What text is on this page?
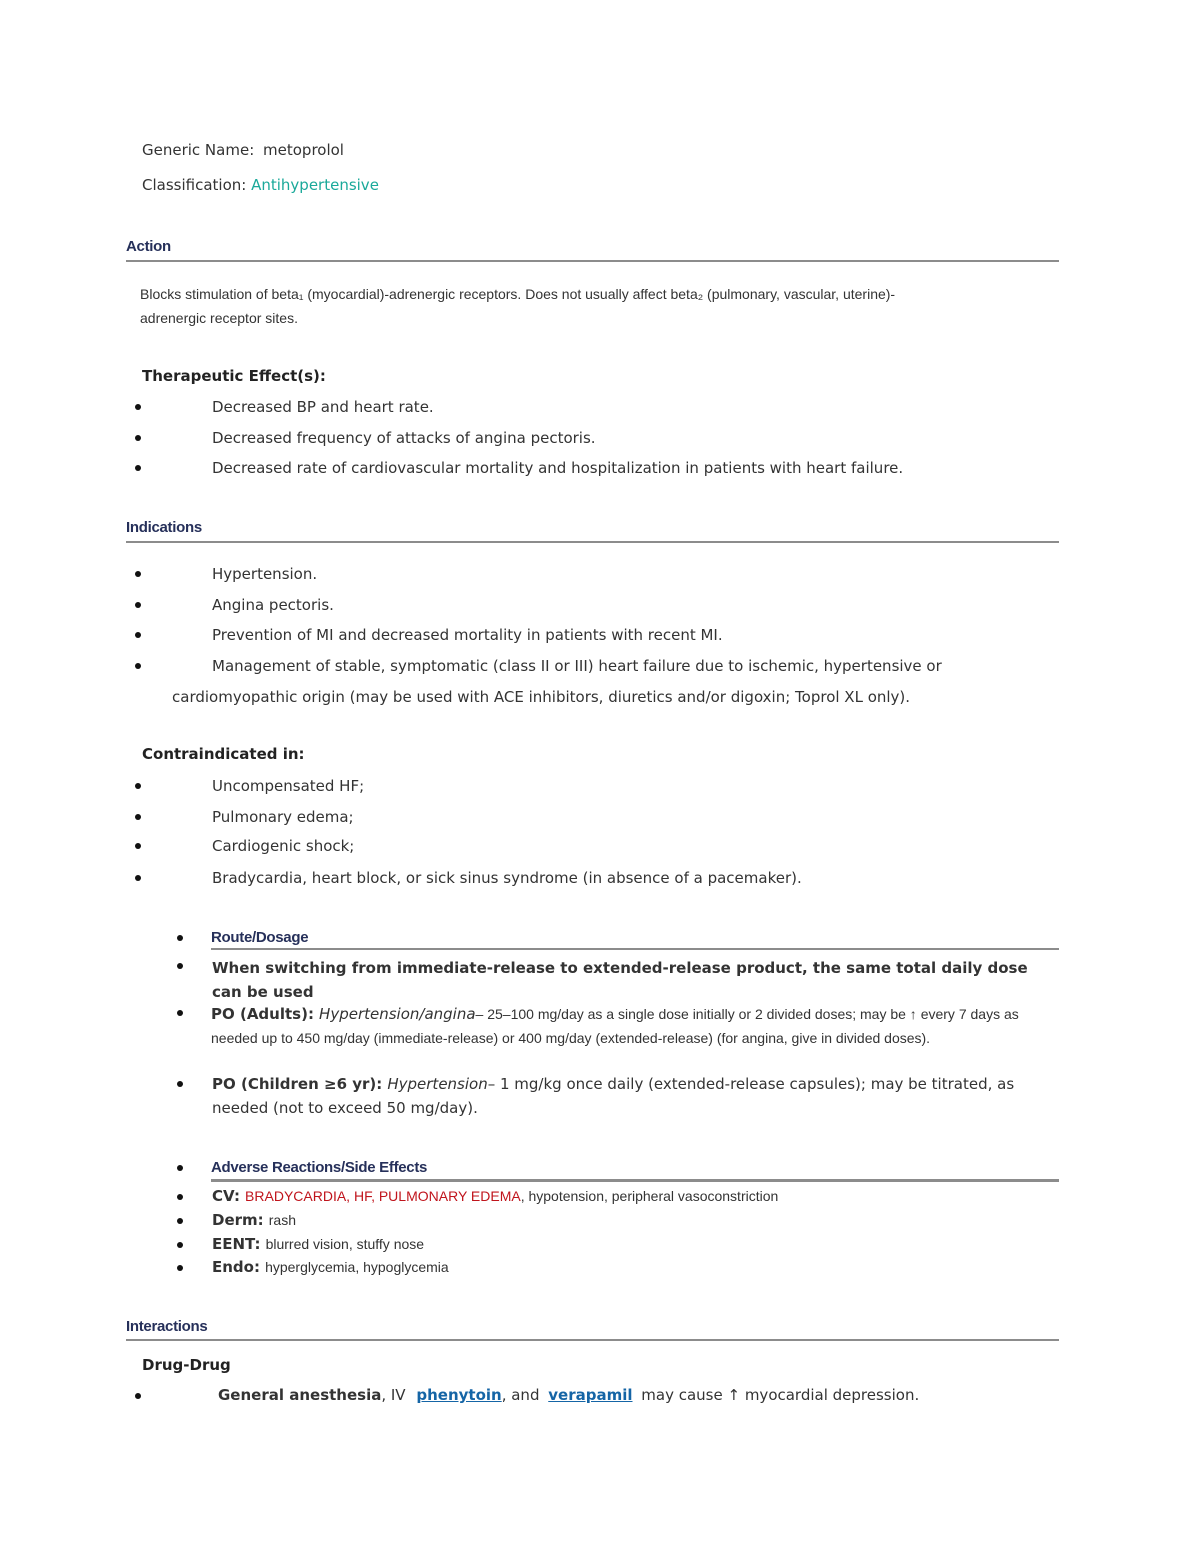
Generic Name: metoprolol
Classification: Antihypertensive
Action
Blocks stimulation of beta₁ (myocardial)-adrenergic receptors. Does not usually affect beta₂ (pulmonary, vascular, uterine)-
adrenergic receptor sites.
Therapeutic Effect(s):
Decreased BP and heart rate.
Decreased frequency of attacks of angina pectoris.
Decreased rate of cardiovascular mortality and hospitalization in patients with heart failure.
Indications
Hypertension.
Angina pectoris.
Prevention of MI and decreased mortality in patients with recent MI.
Management of stable, symptomatic (class II or III) heart failure due to ischemic, hypertensive or
cardiomyopathic origin (may be used with ACE inhibitors, diuretics and/or digoxin; Toprol XL only).
Contraindicated in:
Uncompensated HF;
Pulmonary edema;
Cardiogenic shock;
Bradycardia, heart block, or sick sinus syndrome (in absence of a pacemaker).
Route/Dosage
When switching from immediate-release to extended-release product, the same total daily dose can be used
PO (Adults): Hypertension/angina– 25–100 mg/day as a single dose initially or 2 divided doses; may be ↑ every 7 days as needed up to 450 mg/day (immediate-release) or 400 mg/day (extended-release) (for angina, give in divided doses).
PO (Children ≥6 yr): Hypertension– 1 mg/kg once daily (extended-release capsules); may be titrated, as needed (not to exceed 50 mg/day).
Adverse Reactions/Side Effects
CV: BRADYCARDIA, HF, PULMONARY EDEMA, hypotension, peripheral vasoconstriction
Derm: rash
EENT: blurred vision, stuffy nose
Endo: hyperglycemia, hypoglycemia
Interactions
Drug-Drug
General anesthesia, IV phenytoin, and verapamil may cause ↑ myocardial depression.
